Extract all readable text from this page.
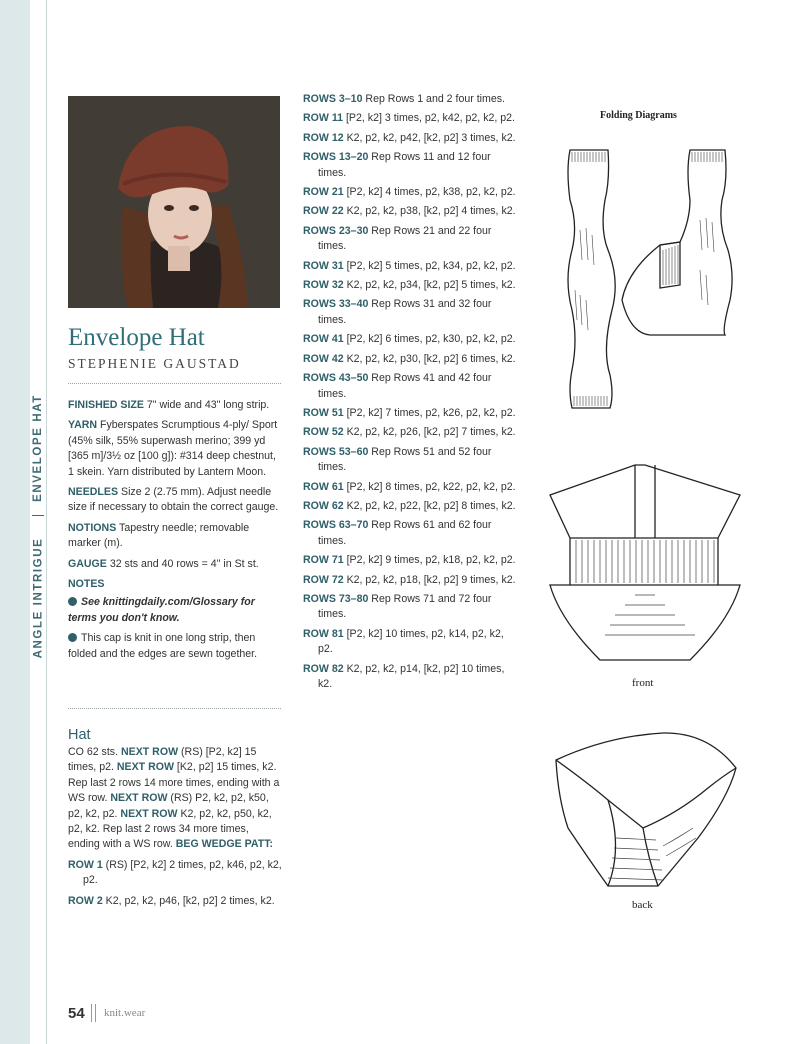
ENVELOPE HAT
ANGLE INTRIGUE
Envelope Hat
STEPHENIE GAUSTAD

FINISHED SIZE 7" wide and 43" long strip.

YARN Fyberspates Scrumptious 4-ply/ Sport (45% silk, 55% superwash merino; 399 yd [365 m]/3½ oz [100 g]): #314 deep chestnut, 1 skein. Yarn distributed by Lantern Moon.

NEEDLES Size 2 (2.75 mm). Adjust needle size if necessary to obtain the correct gauge.

NOTIONS Tapestry needle; removable marker (m).

GAUGE 32 sts and 40 rows = 4" in St st.

NOTES

See knittingdaily.com/Glossary for terms you don't know.

This cap is knit in one long strip, then folded and the edges are sewn together.

Hat

CO 62 sts. NEXT ROW (RS) [P2, k2] 15 times, p2. NEXT ROW [K2, p2] 15 times, k2. Rep last 2 rows 14 more times, ending with a WS row. NEXT ROW (RS) P2, k2, p2, k50, p2, k2, p2. NEXT ROW K2, p2, k2, p50, k2, p2, k2. Rep last 2 rows 34 more times, ending with a WS row. BEG WEDGE PATT:

ROW 1 (RS) [P2, k2] 2 times, p2, k46, p2, k2, p2.

ROW 2 K2, p2, k2, p46, [k2, p2] 2 times, k2.

ROWS 3–10 Rep Rows 1 and 2 four times.

ROW 11 [P2, k2] 3 times, p2, k42, p2, k2, p2.

ROW 12 K2, p2, k2, p42, [k2, p2] 3 times, k2.

ROWS 13–20 Rep Rows 11 and 12 four times.

ROW 21 [P2, k2] 4 times, p2, k38, p2, k2, p2.

ROW 22 K2, p2, k2, p38, [k2, p2] 4 times, k2.

ROWS 23–30 Rep Rows 21 and 22 four times.

ROW 31 [P2, k2] 5 times, p2, k34, p2, k2, p2.

ROW 32 K2, p2, k2, p34, [k2, p2] 5 times, k2.

ROWS 33–40 Rep Rows 31 and 32 four times.

ROW 41 [P2, k2] 6 times, p2, k30, p2, k2, p2.

ROW 42 K2, p2, k2, p30, [k2, p2] 6 times, k2.

ROWS 43–50 Rep Rows 41 and 42 four times.

ROW 51 [P2, k2] 7 times, p2, k26, p2, k2, p2.

ROW 52 K2, p2, k2, p26, [k2, p2] 7 times, k2.

ROWS 53–60 Rep Rows 51 and 52 four times.

ROW 61 [P2, k2] 8 times, p2, k22, p2, k2, p2.

ROW 62 K2, p2, k2, p22, [k2, p2] 8 times, k2.

ROWS 63–70 Rep Rows 61 and 62 four times.

ROW 71 [P2, k2] 9 times, p2, k18, p2, k2, p2.

ROW 72 K2, p2, k2, p18, [k2, p2] 9 times, k2.

ROWS 73–80 Rep Rows 71 and 72 four times.

ROW 81 [P2, k2] 10 times, p2, k14, p2, k2, p2.

ROW 82 K2, p2, k2, p14, [k2, p2] 10 times, k2.

Folding Diagrams
front
back
54 knit.wear
